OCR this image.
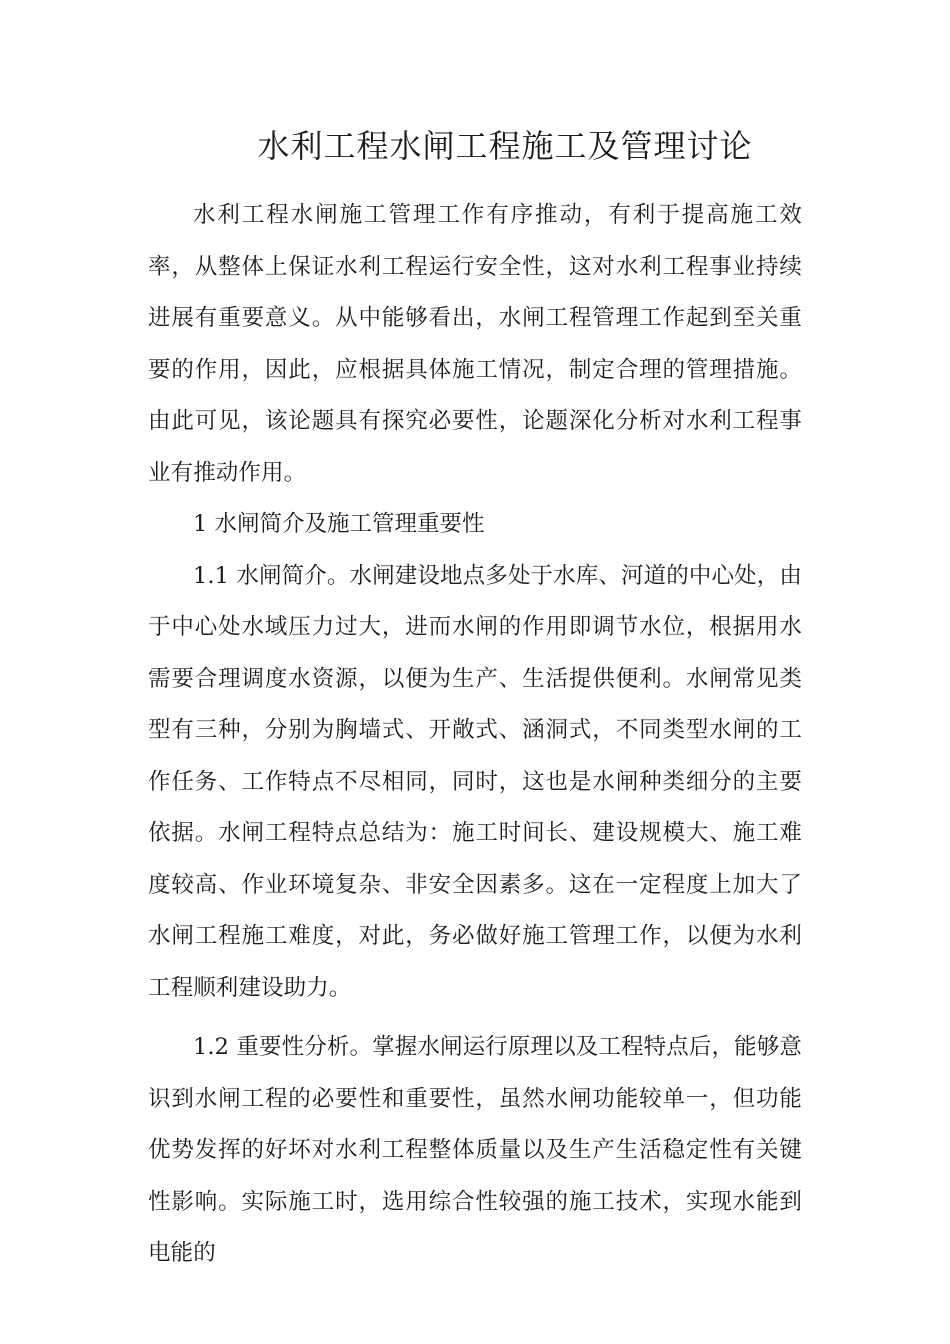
水利工程水闸工程施工及管理讨论

水利工程水闸施工管理工作有序推动，有利于提高施工效率，从整体上保证水利工程运行安全性，这对水利工程事业持续进展有重要意义。从中能够看出，水闸工程管理工作起到至关重要的作用，因此，应根据具体施工情况，制定合理的管理措施。由此可见，该论题具有探究必要性，论题深化分析对水利工程事业有推动作用。

1 水闸简介及施工管理重要性

1.1 水闸简介。水闸建设地点多处于水库、河道的中心处，由于中心处水域压力过大，进而水闸的作用即调节水位，根据用水需要合理调度水资源，以便为生产、生活提供便利。水闸常见类型有三种，分别为胸墙式、开敞式、涵洞式，不同类型水闸的工作任务、工作特点不尽相同，同时，这也是水闸种类细分的主要依据。水闸工程特点总结为：施工时间长、建设规模大、施工难度较高、作业环境复杂、非安全因素多。这在一定程度上加大了水闸工程施工难度，对此，务必做好施工管理工作，以便为水利工程顺利建设助力。

1.2 重要性分析。掌握水闸运行原理以及工程特点后，能够意识到水闸工程的必要性和重要性，虽然水闸功能较单一，但功能优势发挥的好坏对水利工程整体质量以及生产生活稳定性有关键性影响。实际施工时，选用综合性较强的施工技术，实现水能到电能的
